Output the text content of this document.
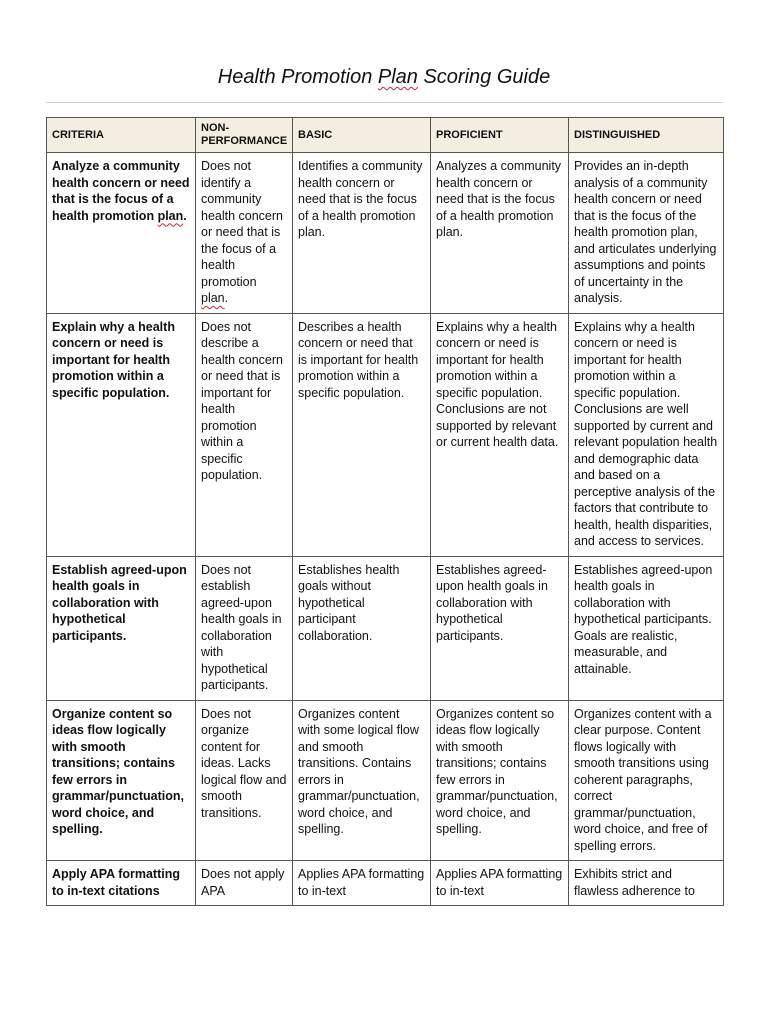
Health Promotion Plan Scoring Guide
CRITERIA	NON-PERFORMANCE	BASIC	PROFICIENT	DISTINGUISHED
Analyze a community health concern or need that is the focus of a health promotion plan.	Does not identify a community health concern or need that is the focus of a health promotion plan.	Identifies a community health concern or need that is the focus of a health promotion plan.	Analyzes a community health concern or need that is the focus of a health promotion plan.	Provides an in-depth analysis of a community health concern or need that is the focus of the health promotion plan, and articulates underlying assumptions and points of uncertainty in the analysis.
Explain why a health concern or need is important for health promotion within a specific population.	Does not describe a health concern or need that is important for health promotion within a specific population.	Describes a health concern or need that is important for health promotion within a specific population.	Explains why a health concern or need is important for health promotion within a specific population. Conclusions are not supported by relevant or current health data.	Explains why a health concern or need is important for health promotion within a specific population. Conclusions are well supported by current and relevant population health and demographic data and based on a perceptive analysis of the factors that contribute to health, health disparities, and access to services.
Establish agreed-upon health goals in collaboration with hypothetical participants.	Does not establish agreed-upon health goals in collaboration with hypothetical participants.	Establishes health goals without hypothetical participant collaboration.	Establishes agreed-upon health goals in collaboration with hypothetical participants.	Establishes agreed-upon health goals in collaboration with hypothetical participants. Goals are realistic, measurable, and attainable.
Organize content so ideas flow logically with smooth transitions; contains few errors in grammar/punctuation, word choice, and spelling.	Does not organize content for ideas. Lacks logical flow and smooth transitions.	Organizes content with some logical flow and smooth transitions. Contains errors in grammar/punctuation, word choice, and spelling.	Organizes content so ideas flow logically with smooth transitions; contains few errors in grammar/punctuation, word choice, and spelling.	Organizes content with a clear purpose. Content flows logically with smooth transitions using coherent paragraphs, correct grammar/punctuation, word choice, and free of spelling errors.
Apply APA formatting to in-text citations	Does not apply APA	Applies APA formatting to in-text	Applies APA formatting to in-text	Exhibits strict and flawless adherence to
